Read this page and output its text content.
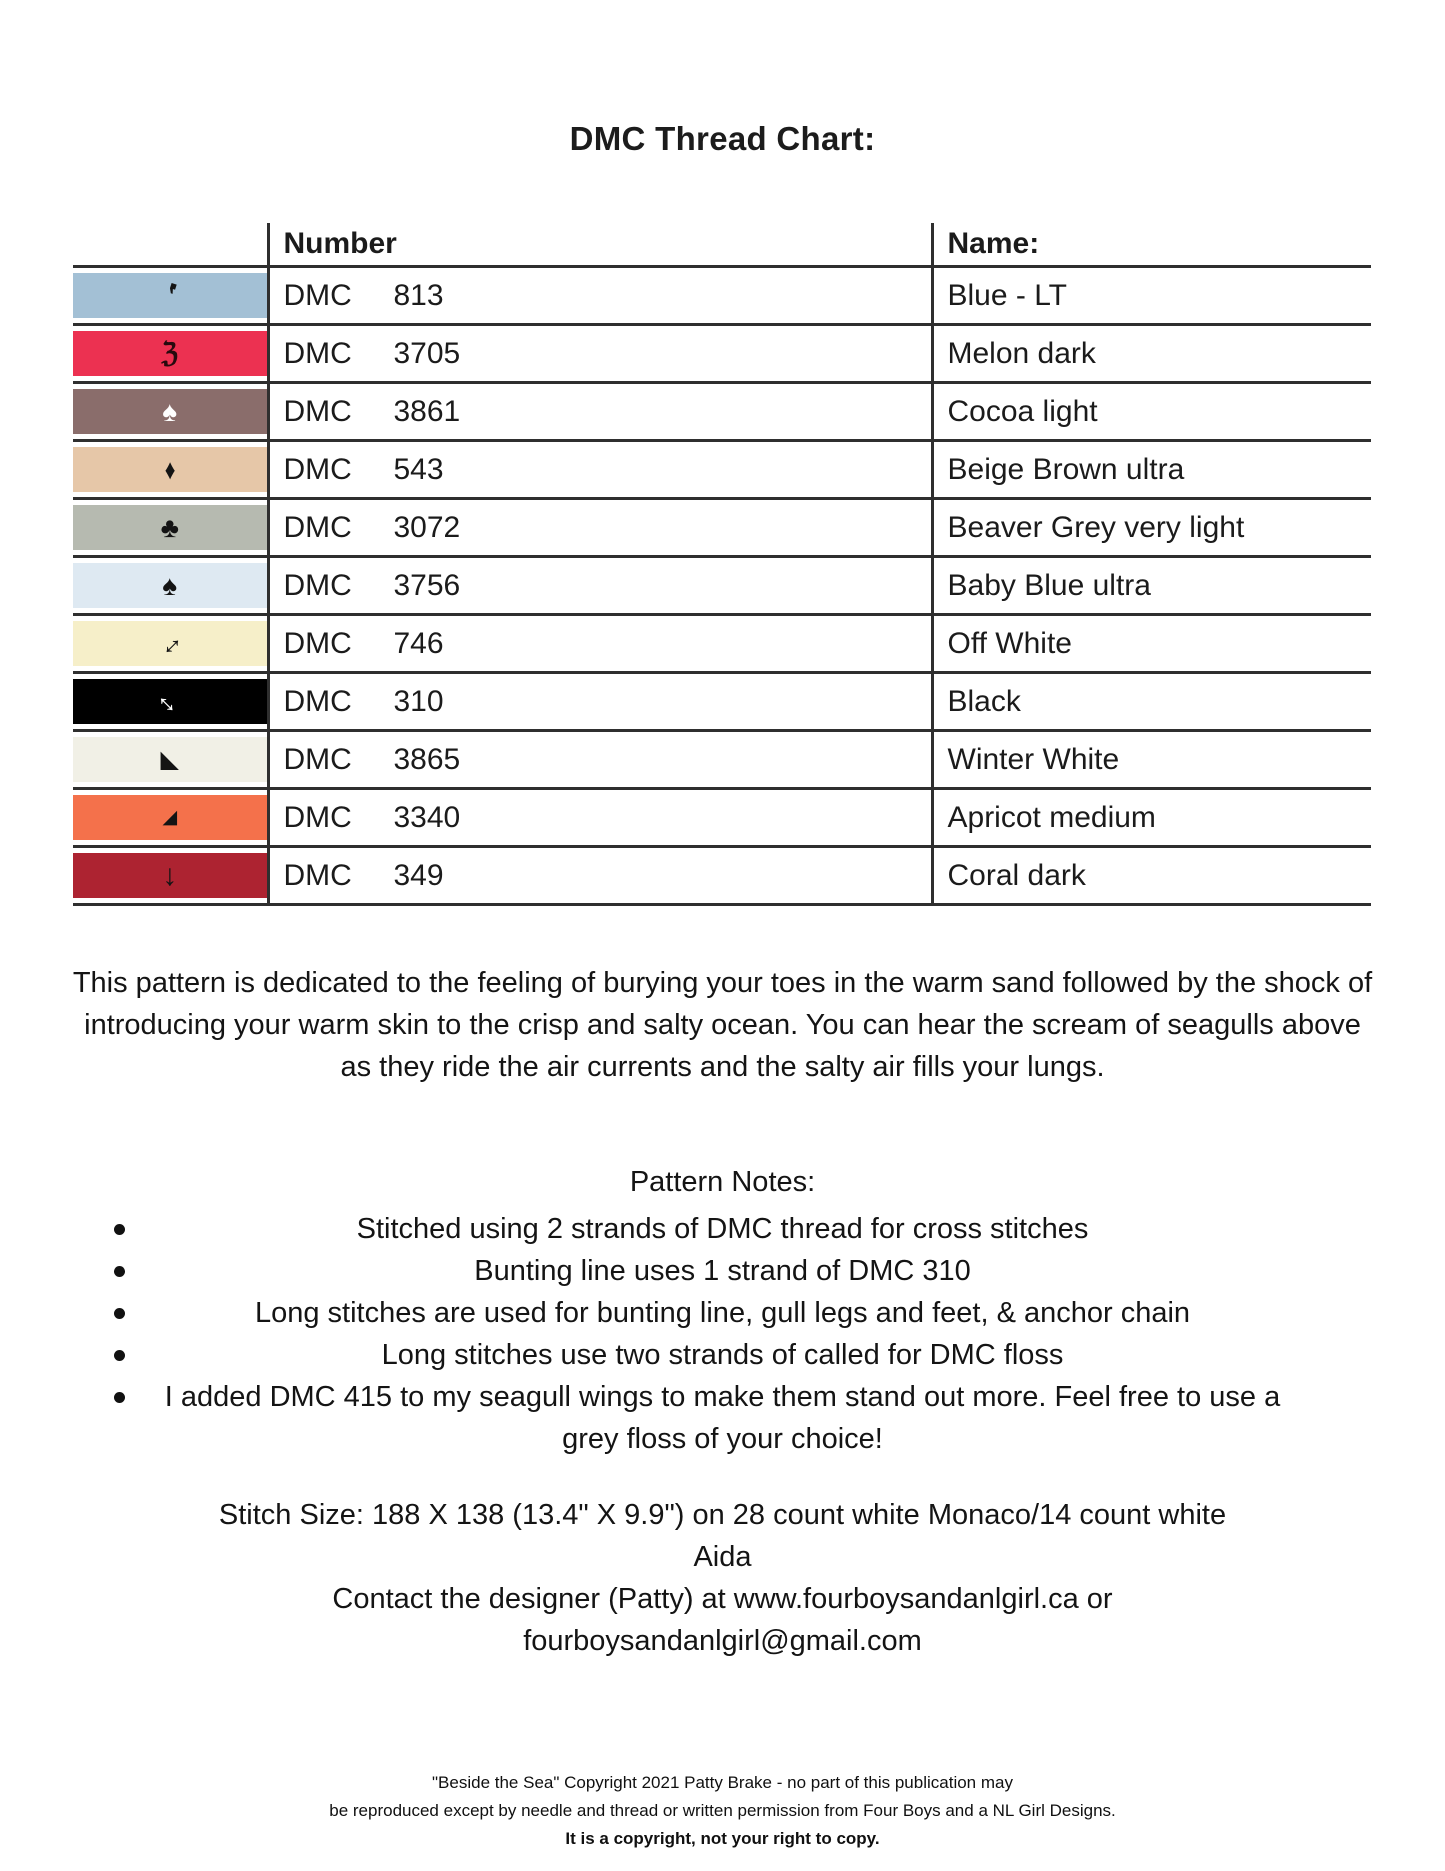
DMC Thread Chart:
	Number	Name:

❜	DMC 813	Blue - LT

ℨ	DMC 3705	Melon dark

♠	DMC 3861	Cocoa light

♦	DMC 543	Beige Brown ultra

♣	DMC 3072	Beaver Grey very light

♠	DMC 3756	Baby Blue ultra

↔	DMC 746	Off White

↔	DMC 310	Black

◣	DMC 3865	Winter White

◢	DMC 3340	Apricot medium

↓	DMC 349	Coral dark
This pattern is dedicated to the feeling of burying your toes in the warm sand followed by the shock of introducing your warm skin to the crisp and salty ocean. You can hear the scream of seagulls above as they ride the air currents and the salty air fills your lungs.
Pattern Notes:
Stitched using 2 strands of DMC thread for cross stitches
Bunting line uses 1 strand of DMC 310
Long stitches are used for bunting line, gull legs and feet, & anchor chain
Long stitches use two strands of called for DMC floss
I added DMC 415 to my seagull wings to make them stand out more. Feel free to use a grey floss of your choice!
Stitch Size: 188 X 138 (13.4" X 9.9") on 28 count white Monaco/14 count white
Aida
Contact the designer (Patty) at www.fourboysandanlgirl.ca or
fourboysandanlgirl@gmail.com
"Beside the Sea" Copyright 2021 Patty Brake - no part of this publication may
be reproduced except by needle and thread or written permission from Four Boys and a NL Girl Designs.
It is a copyright, not your right to copy.
